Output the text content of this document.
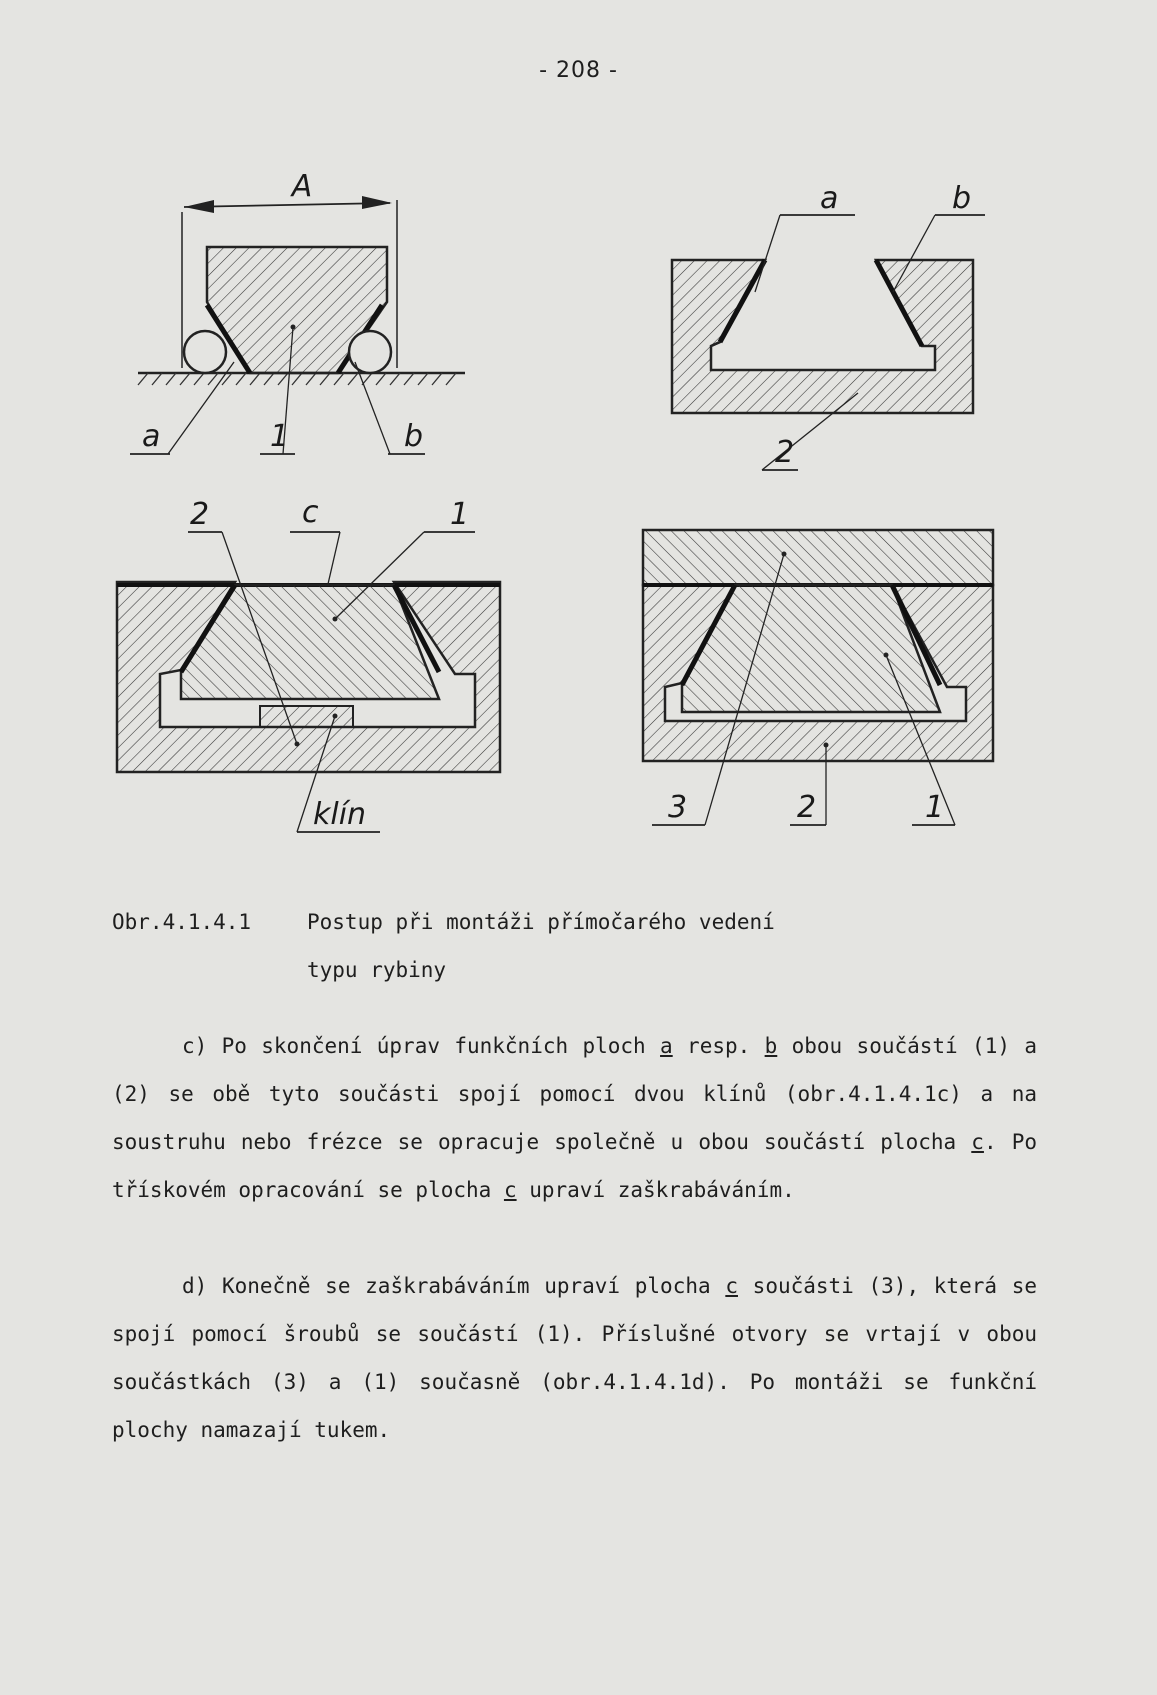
- 208 -
A
a	1	b
a	b
2
2	c	1
klín	3	2	1
Obr.4.1.4.1	Postup při montáži přímočarého vedení
typu rybiny

c) Po skončení úprav funkčních ploch a resp. b obou součástí (1) a (2) se obě tyto součásti spojí pomocí dvou klínů (obr.4.1.4.1c) a na soustruhu nebo frézce se opracuje společně u obou součástí plocha c. Po třískovém opracování se plocha c upraví zaškrabáváním.

d) Konečně se zaškrabáváním upraví plocha c součásti (3), která se spojí pomocí šroubů se součástí (1). Příslušné otvory se vrtají v obou součástkách (3) a (1) současně (obr.4.1.4.1d). Po montáži se funkční plochy namazají tukem.
